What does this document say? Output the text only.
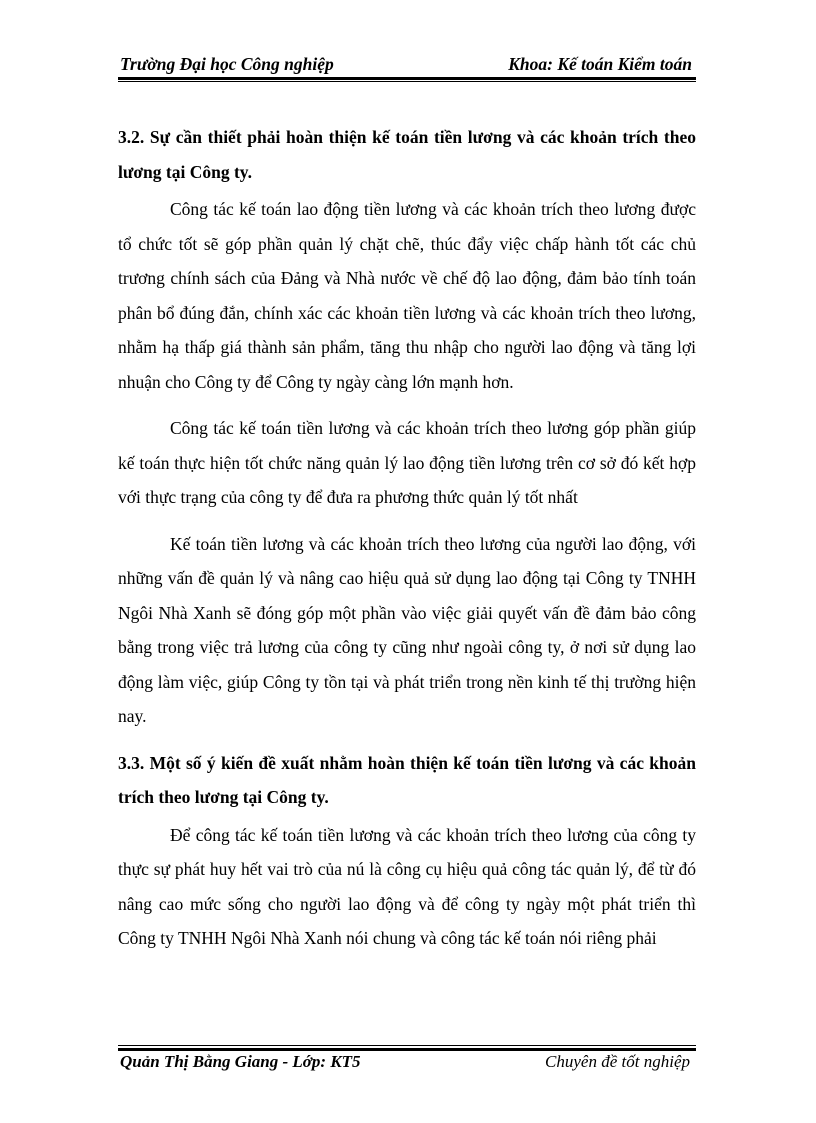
Trường Đại học Công nghiệp	Khoa: Kế toán Kiểm toán

3.2. Sự cần thiết phải hoàn thiện kế toán tiền lương và các khoản trích theo lương tại Công ty.

Công tác kế toán lao động tiền lương và các khoản trích theo lương được tổ chức tốt sẽ góp phần quản lý chặt chẽ, thúc đẩy việc chấp hành tốt các chủ trương chính sách của Đảng và Nhà nước về chế độ lao động, đảm bảo tính toán phân bổ đúng đắn, chính xác các khoản tiền lương và các khoản trích theo lương, nhằm hạ thấp giá thành sản phẩm, tăng thu nhập cho người lao động và tăng lợi nhuận cho Công ty để Công ty ngày càng lớn mạnh hơn.

Công tác kế toán tiền lương và các khoản trích theo lương góp phần giúp kế toán thực hiện tốt chức năng quản lý lao động tiền lương trên cơ sở đó kết hợp với thực trạng của công ty để đưa ra phương thức quản lý tốt nhất

Kế toán tiền lương và các khoản trích theo lương của người lao động, với những vấn đề quản lý và nâng cao hiệu quả sử dụng lao động tại Công ty TNHH Ngôi Nhà Xanh sẽ đóng góp một phần vào việc giải quyết vấn đề đảm bảo công bằng trong việc trả lương của công ty cũng như ngoài công ty, ở nơi sử dụng lao động làm việc, giúp Công ty tồn tại và phát triển trong nền kinh tế thị trường hiện nay.

3.3. Một số ý kiến đề xuất nhằm hoàn thiện kế toán tiền lương và các khoản trích theo lương tại Công ty.

Để công tác kế toán tiền lương và các khoản trích theo lương của công ty thực sự phát huy hết vai trò của nú là công cụ hiệu quả công tác quản lý, để từ đó nâng cao mức sống cho người lao động và để công ty ngày một phát triển thì Công ty TNHH Ngôi Nhà Xanh nói chung và công tác kế toán nói riêng phải

Quản Thị Bằng Giang - Lớp: KT5	Chuyên đề tốt nghiệp
